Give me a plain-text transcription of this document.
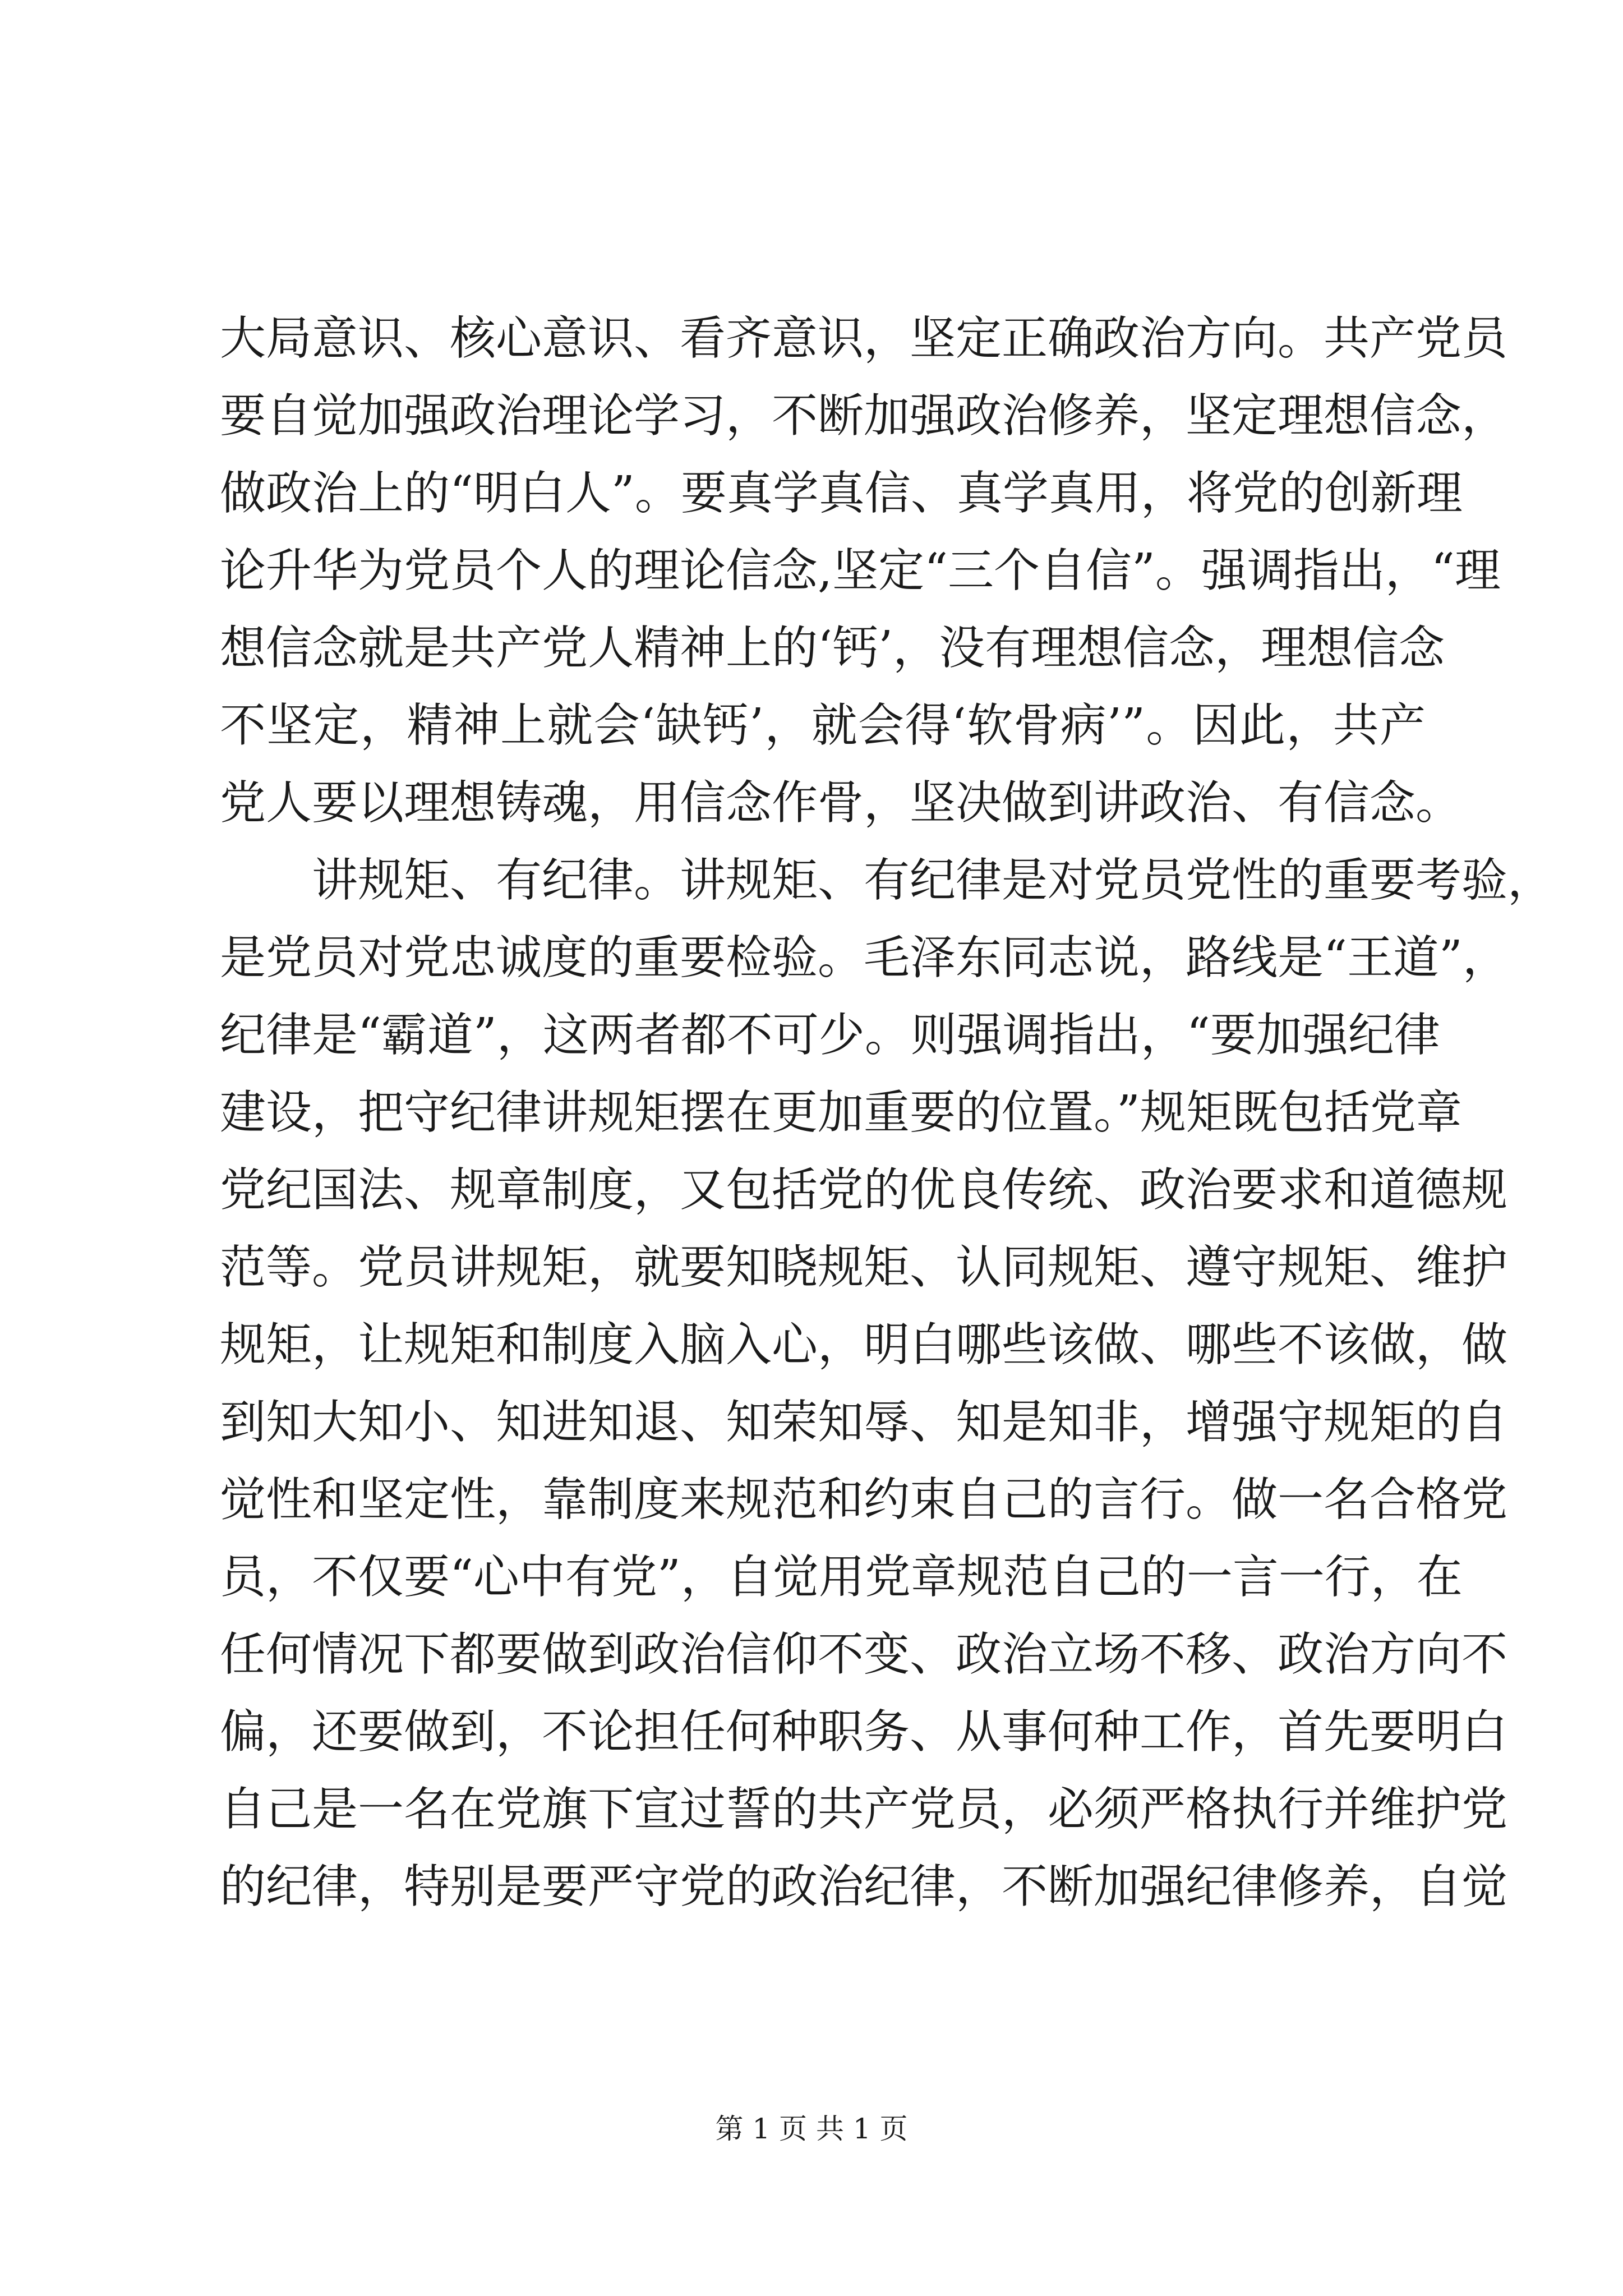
大局意识、核心意识、看齐意识，坚定正确政治方向。共产党员
要自觉加强政治理论学习，不断加强政治修养，坚定理想信念，
做政治上的“明白人”。要真学真信、真学真用，将党的创新理
论升华为党员个人的理论信念,坚定“三个自信”。强调指出，“理
想信念就是共产党人精神上的‘钙’，没有理想信念，理想信念
不坚定，精神上就会‘缺钙’，就会得‘软骨病’”。因此，共产
党人要以理想铸魂，用信念作骨，坚决做到讲政治、有信念。
讲规矩、有纪律。讲规矩、有纪律是对党员党性的重要考验，
是党员对党忠诚度的重要检验。毛泽东同志说，路线是“王道”，
纪律是“霸道”，这两者都不可少。则强调指出，“要加强纪律
建设，把守纪律讲规矩摆在更加重要的位置。”规矩既包括党章
党纪国法、规章制度，又包括党的优良传统、政治要求和道德规
范等。党员讲规矩，就要知晓规矩、认同规矩、遵守规矩、维护
规矩，让规矩和制度入脑入心，明白哪些该做、哪些不该做，做
到知大知小、知进知退、知荣知辱、知是知非，增强守规矩的自
觉性和坚定性，靠制度来规范和约束自己的言行。做一名合格党
员，不仅要“心中有党”，自觉用党章规范自己的一言一行，在
任何情况下都要做到政治信仰不变、政治立场不移、政治方向不
偏，还要做到，不论担任何种职务、从事何种工作，首先要明白
自己是一名在党旗下宣过誓的共产党员，必须严格执行并维护党
的纪律，特别是要严守党的政治纪律，不断加强纪律修养，自觉
第 1 页 共 1 页
